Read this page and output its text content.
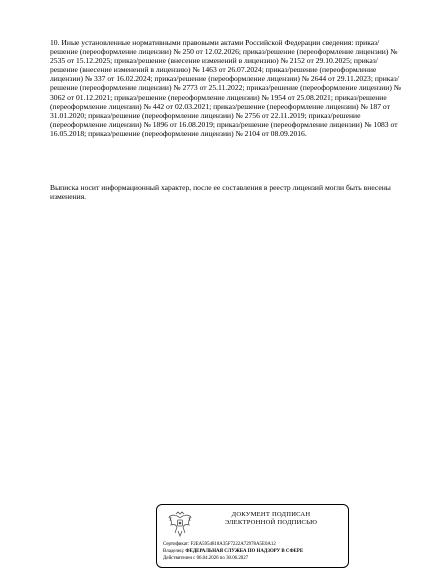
10. Иные установленные нормативными правовыми актами Российской Федерации сведения: приказ/решение (переоформление лицензии) № 250 от 12.02.2026; приказ/решение (переоформление лицензии) № 2535 от 15.12.2025; приказ/решение (внесение изменений в лицензию) № 2152 от 29.10.2025; приказ/решение (внесение изменений в лицензию) № 1463 от 26.07.2024; приказ/решение (переоформление лицензии) № 337 от 16.02.2024; приказ/решение (переоформление лицензии) № 2644 от 29.11.2023; приказ/решение (переоформление лицензии) № 2773 от 25.11.2022; приказ/решение (переоформление лицензии) № 3062 от 01.12.2021; приказ/решение (переоформление лицензии) № 1954 от 25.08.2021; приказ/решение (переоформление лицензии) № 442 от 02.03.2021; приказ/решение (переоформление лицензии) № 187 от 31.01.2020; приказ/решение (переоформление лицензии) № 2756 от 22.11.2019; приказ/решение (переоформление лицензии) № 1896 от 16.08.2019; приказ/решение (переоформление лицензии) № 1083 от 16.05.2018; приказ/решение (переоформление лицензии) № 2104 от 08.09.2016.

Выписка носит информационный характер, после ее составления в реестр лицензий могли быть внесены изменения.

ДОКУМЕНТ ПОДПИСАН
ЭЛЕКТРОННОЙ ПОДПИСЬЮ
Сертификат: F2EA5954818A35F7222A72978A5E0A12
Владелец: ФЕДЕРАЛЬНАЯ СЛУЖБА ПО НАДЗОРУ В СФЕРЕ
Действителен с 06.04.2026 по 30.06.2027
